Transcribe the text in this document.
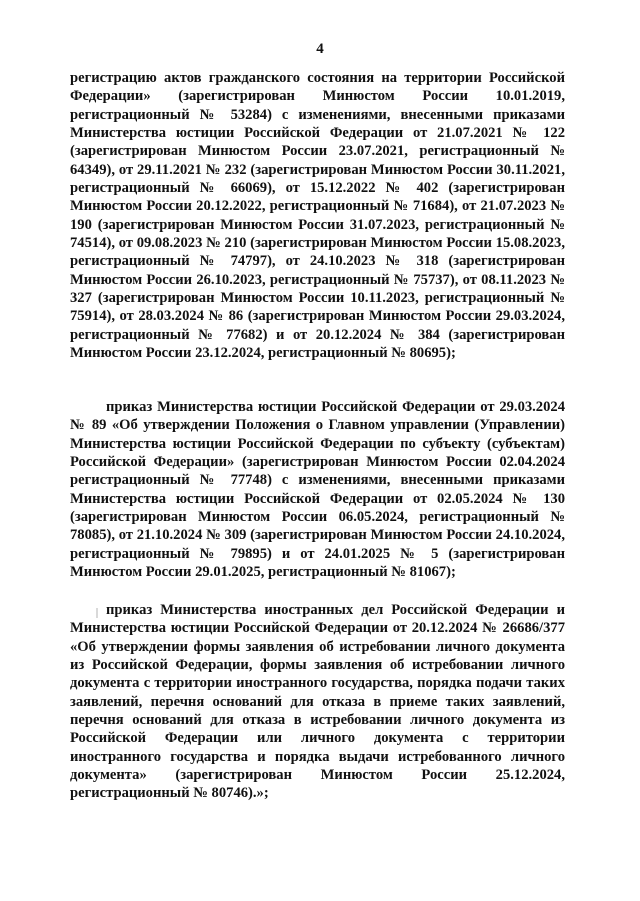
4

регистрацию актов гражданского состояния на территории Российской Федерации» (зарегистрирован Минюстом России 10.01.2019, регистрационный № 53284) с изменениями, внесенными приказами Министерства юстиции Российской Федерации от 21.07.2021 № 122 (зарегистрирован Минюстом России 23.07.2021, регистрационный № 64349), от 29.11.2021 № 232 (зарегистрирован Минюстом России 30.11.2021, регистрационный № 66069), от 15.12.2022 № 402 (зарегистрирован Минюстом России 20.12.2022, регистрационный № 71684), от 21.07.2023 № 190 (зарегистрирован Минюстом России 31.07.2023, регистрационный № 74514), от 09.08.2023 № 210 (зарегистрирован Минюстом России 15.08.2023, регистрационный № 74797), от 24.10.2023 № 318 (зарегистрирован Минюстом России 26.10.2023, регистрационный № 75737), от 08.11.2023 № 327 (зарегистрирован Минюстом России 10.11.2023, регистрационный № 75914), от 28.03.2024 № 86 (зарегистрирован Минюстом России 29.03.2024, регистрационный № 77682) и от 20.12.2024 № 384 (зарегистрирован Минюстом России 23.12.2024, регистрационный № 80695);

приказ Министерства юстиции Российской Федерации от 29.03.2024 № 89 «Об утверждении Положения о Главном управлении (Управлении) Министерства юстиции Российской Федерации по субъекту (субъектам) Российской Федерации» (зарегистрирован Минюстом России 02.04.2024 регистрационный № 77748) с изменениями, внесенными приказами Министерства юстиции Российской Федерации от 02.05.2024 № 130 (зарегистрирован Минюстом России 06.05.2024, регистрационный № 78085), от 21.10.2024 № 309 (зарегистрирован Минюстом России 24.10.2024, регистрационный № 79895) и от 24.01.2025 № 5 (зарегистрирован Минюстом России 29.01.2025, регистрационный № 81067);

приказ Министерства иностранных дел Российской Федерации и Министерства юстиции Российской Федерации от 20.12.2024 № 26686/377 «Об утверждении формы заявления об истребовании личного документа из Российской Федерации, формы заявления об истребовании личного документа с территории иностранного государства, порядка подачи таких заявлений, перечня оснований для отказа в приеме таких заявлений, перечня оснований для отказа в истребовании личного документа из Российской Федерации или личного документа с территории иностранного государства и порядка выдачи истребованного личного документа» (зарегистрирован Минюстом России 25.12.2024, регистрационный № 80746).»;
